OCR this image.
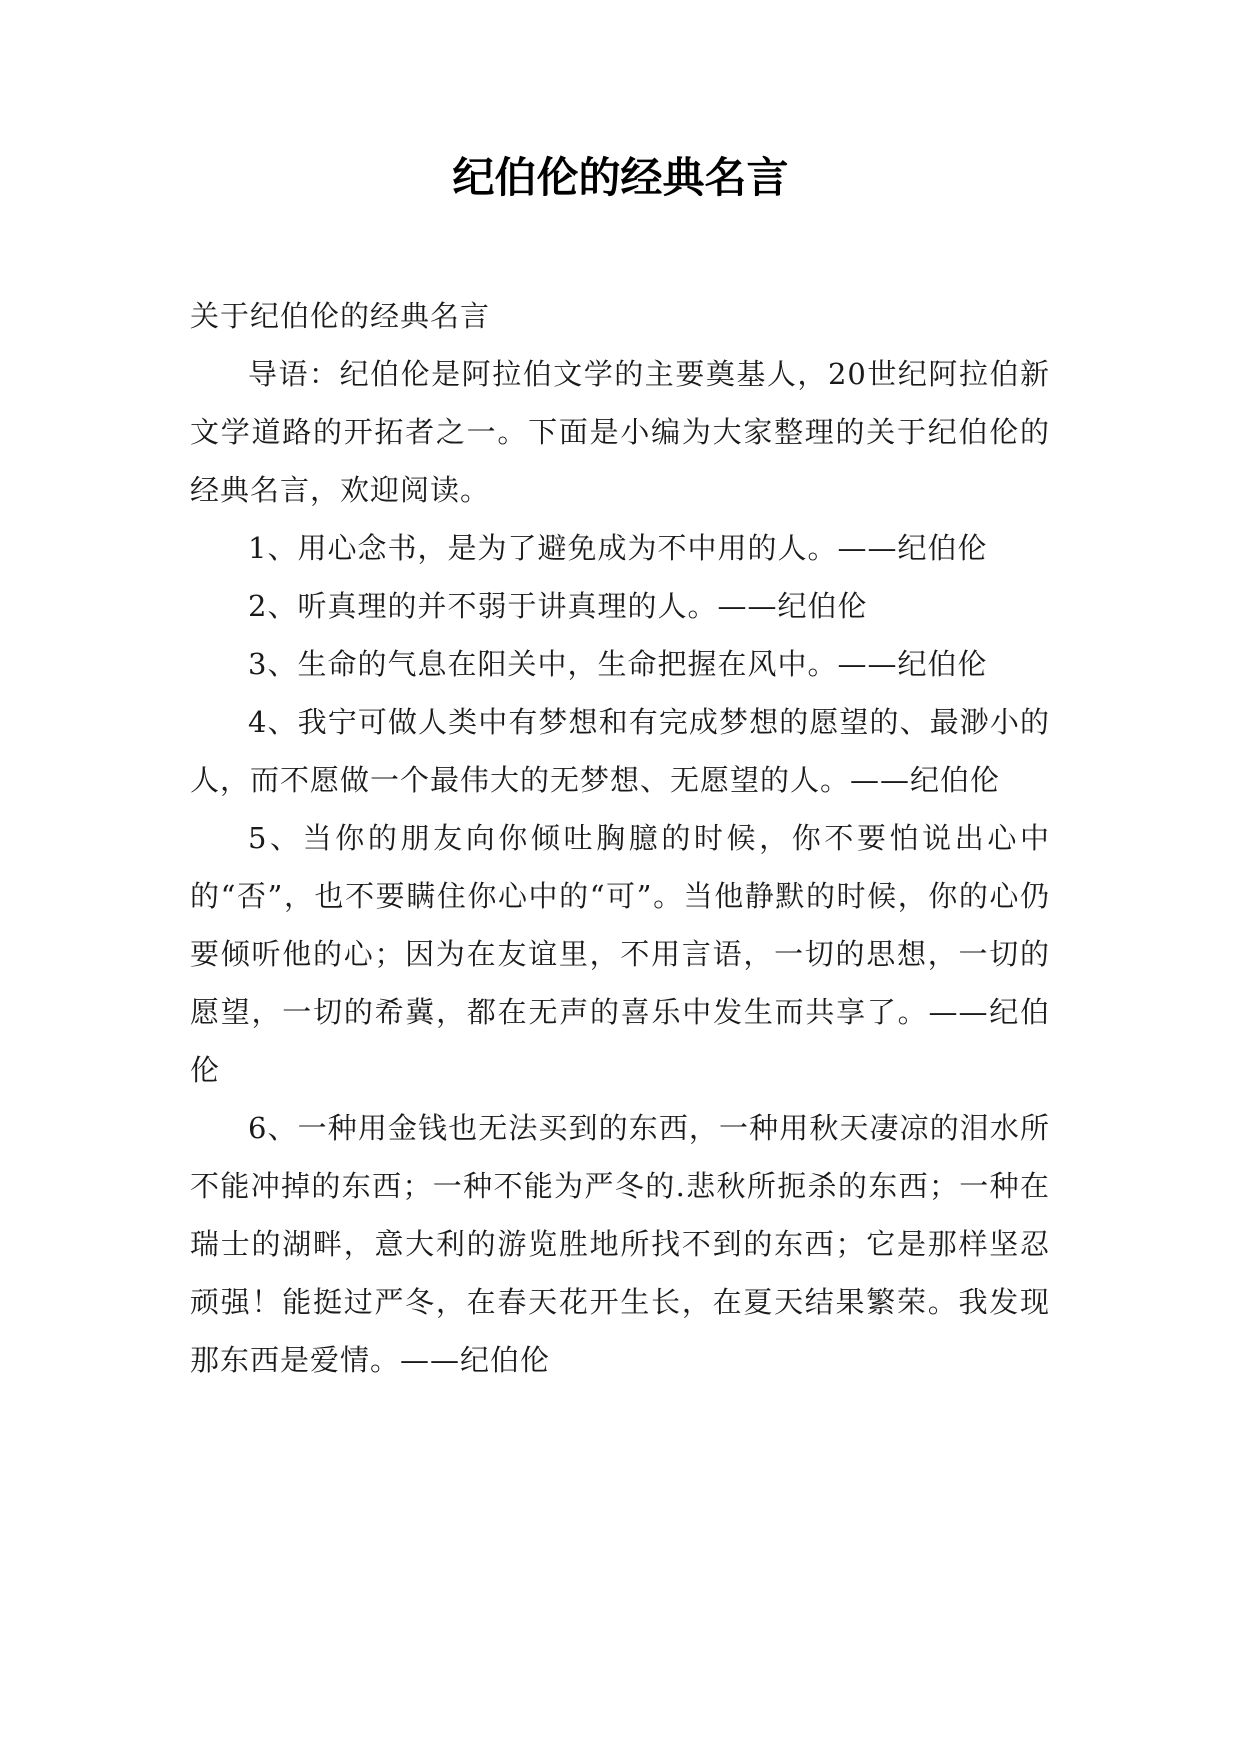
纪伯伦的经典名言

关于纪伯伦的经典名言

导语：纪伯伦是阿拉伯文学的主要奠基人，20世纪阿拉伯新文学道路的开拓者之一。下面是小编为大家整理的关于纪伯伦的经典名言，欢迎阅读。

1、用心念书，是为了避免成为不中用的人。——纪伯伦

2、听真理的并不弱于讲真理的人。——纪伯伦

3、生命的气息在阳关中，生命把握在风中。——纪伯伦

4、我宁可做人类中有梦想和有完成梦想的愿望的、最渺小的人，而不愿做一个最伟大的无梦想、无愿望的人。——纪伯伦

5、当你的朋友向你倾吐胸臆的时候，你不要怕说出心中的“否”，也不要瞒住你心中的“可”。当他静默的时候，你的心仍要倾听他的心；因为在友谊里，不用言语，一切的思想，一切的愿望，一切的希冀，都在无声的喜乐中发生而共享了。——纪伯伦

6、一种用金钱也无法买到的东西，一种用秋天凄凉的泪水所不能冲掉的东西；一种不能为严冬的.悲秋所扼杀的东西；一种在瑞士的湖畔，意大利的游览胜地所找不到的东西；它是那样坚忍顽强！能挺过严冬，在春天花开生长，在夏天结果繁荣。我发现那东西是爱情。——纪伯伦
